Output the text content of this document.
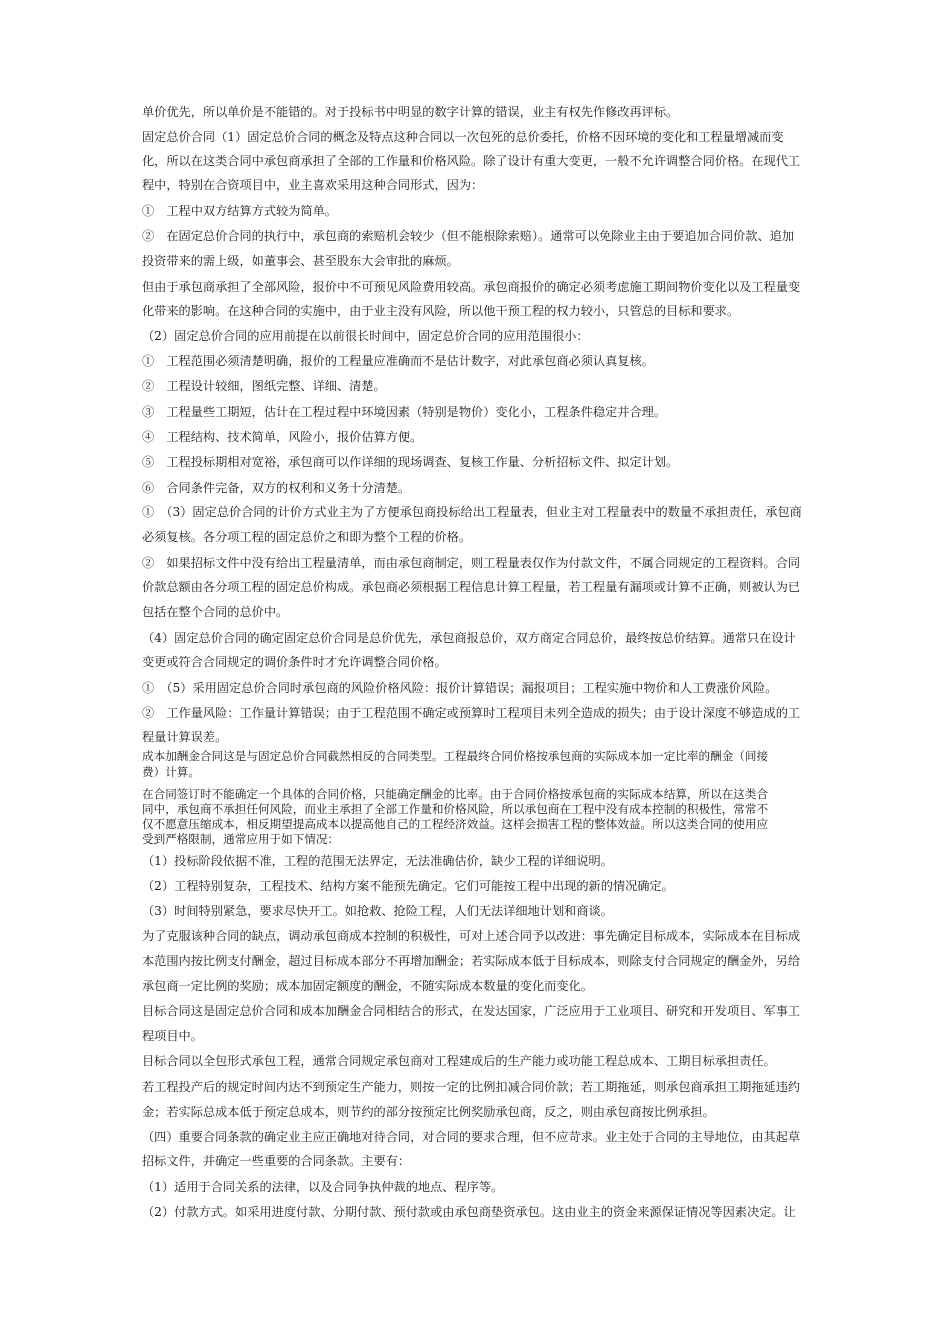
单价优先，所以单价是不能错的。对于投标书中明显的数字计算的错误，业主有权先作修改再评标。
固定总价合同（1）固定总价合同的概念及特点这种合同以一次包死的总价委托，价格不因环境的变化和工程量增减而变
化，所以在这类合同中承包商承担了全部的工作量和价格风险。除了设计有重大变更，一般不允许调整合同价格。在现代工
程中，特别在合资项目中，业主喜欢采用这种合同形式，因为：
①　工程中双方结算方式较为简单。
②　在固定总价合同的执行中，承包商的索赔机会较少（但不能根除索赔）。通常可以免除业主由于要追加合同价款、追加
投资带来的需上级，如董事会、甚至股东大会审批的麻烦。
但由于承包商承担了全部风险，报价中不可预见风险费用较高。承包商报价的确定必须考虑施工期间物价变化以及工程量变
化带来的影响。在这种合同的实施中，由于业主没有风险，所以他干预工程的权力较小，只管总的目标和要求。
（2）固定总价合同的应用前提在以前很长时间中，固定总价合同的应用范围很小：
①　工程范围必须清楚明确，报价的工程量应准确而不是估计数字，对此承包商必须认真复核。
②　工程设计较细，图纸完整、详细、清楚。
③　工程量些工期短，估计在工程过程中环境因素（特别是物价）变化小，工程条件稳定并合理。
④　工程结构、技术简单，风险小，报价估算方便。
⑤　工程投标期相对宽裕，承包商可以作详细的现场调查、复核工作量、分析招标文件、拟定计划。
⑥　合同条件完备，双方的权利和义务十分清楚。
①　（3）固定总价合同的计价方式业主为了方便承包商投标给出工程量表，但业主对工程量表中的数量不承担责任，承包商
必须复核。各分项工程的固定总价之和即为整个工程的价格。
②　如果招标文件中没有给出工程量清单，而由承包商制定，则工程量表仅作为付款文件，不属合同规定的工程资料。合同
价款总额由各分项工程的固定总价构成。承包商必须根据工程信息计算工程量，若工程量有漏项或计算不正确，则被认为已
包括在整个合同的总价中。
（4）固定总价合同的确定固定总价合同是总价优先，承包商报总价，双方商定合同总价，最终按总价结算。通常只在设计
变更或符合合同规定的调价条件时才允许调整合同价格。
①　（5）采用固定总价合同时承包商的风险价格风险：报价计算错误；漏报项目；工程实施中物价和人工费涨价风险。
②　工作量风险：工作量计算错误；由于工程范围不确定或预算时工程项目未列全造成的损失；由于设计深度不够造成的工
程量计算误差。
成本加酬金合同这是与固定总价合同截然相反的合同类型。工程最终合同价格按承包商的实际成本加一定比率的酬金（间接
费）计算。
在合同签订时不能确定一个具体的合同价格，只能确定酬金的比率。由于合同价格按承包商的实际成本结算，所以在这类合
同中，承包商不承担任何风险，而业主承担了全部工作量和价格风险，所以承包商在工程中没有成本控制的积极性，常常不
仅不愿意压缩成本，相反期望提高成本以提高他自己的工程经济效益。这样会损害工程的整体效益。所以这类合同的使用应
受到严格限制，通常应用于如下情况：
（1）投标阶段依据不准，工程的范围无法界定，无法准确估价，缺少工程的详细说明。
（2）工程特别复杂，工程技术、结构方案不能预先确定。它们可能按工程中出现的新的情况确定。
（3）时间特别紧急，要求尽快开工。如抢救、抢险工程，人们无法详细地计划和商谈。
为了克服该种合同的缺点，调动承包商成本控制的积极性，可对上述合同予以改进：事先确定目标成本，实际成本在目标成
本范围内按比例支付酬金，超过目标成本部分不再增加酬金；若实际成本低于目标成本，则除支付合同规定的酬金外，另给
承包商一定比例的奖励；成本加固定额度的酬金，不随实际成本数量的变化而变化。
目标合同这是固定总价合同和成本加酬金合同相结合的形式，在发达国家，广泛应用于工业项目、研究和开发项目、军事工
程项目中。
目标合同以全包形式承包工程，通常合同规定承包商对工程建成后的生产能力或功能工程总成本、工期目标承担责任。
若工程投产后的规定时间内达不到预定生产能力，则按一定的比例扣减合同价款；若工期拖延，则承包商承担工期拖延违约
金；若实际总成本低于预定总成本，则节约的部分按预定比例奖励承包商，反之，则由承包商按比例承担。
（四）重要合同条款的确定业主应正确地对待合同，对合同的要求合理，但不应苛求。业主处于合同的主导地位，由其起草
招标文件，并确定一些重要的合同条款。主要有：
（1）适用于合同关系的法律，以及合同争执仲裁的地点、程序等。
（2）付款方式。如采用进度付款、分期付款、预付款或由承包商垫资承包。这由业主的资金来源保证情况等因素决定。让
